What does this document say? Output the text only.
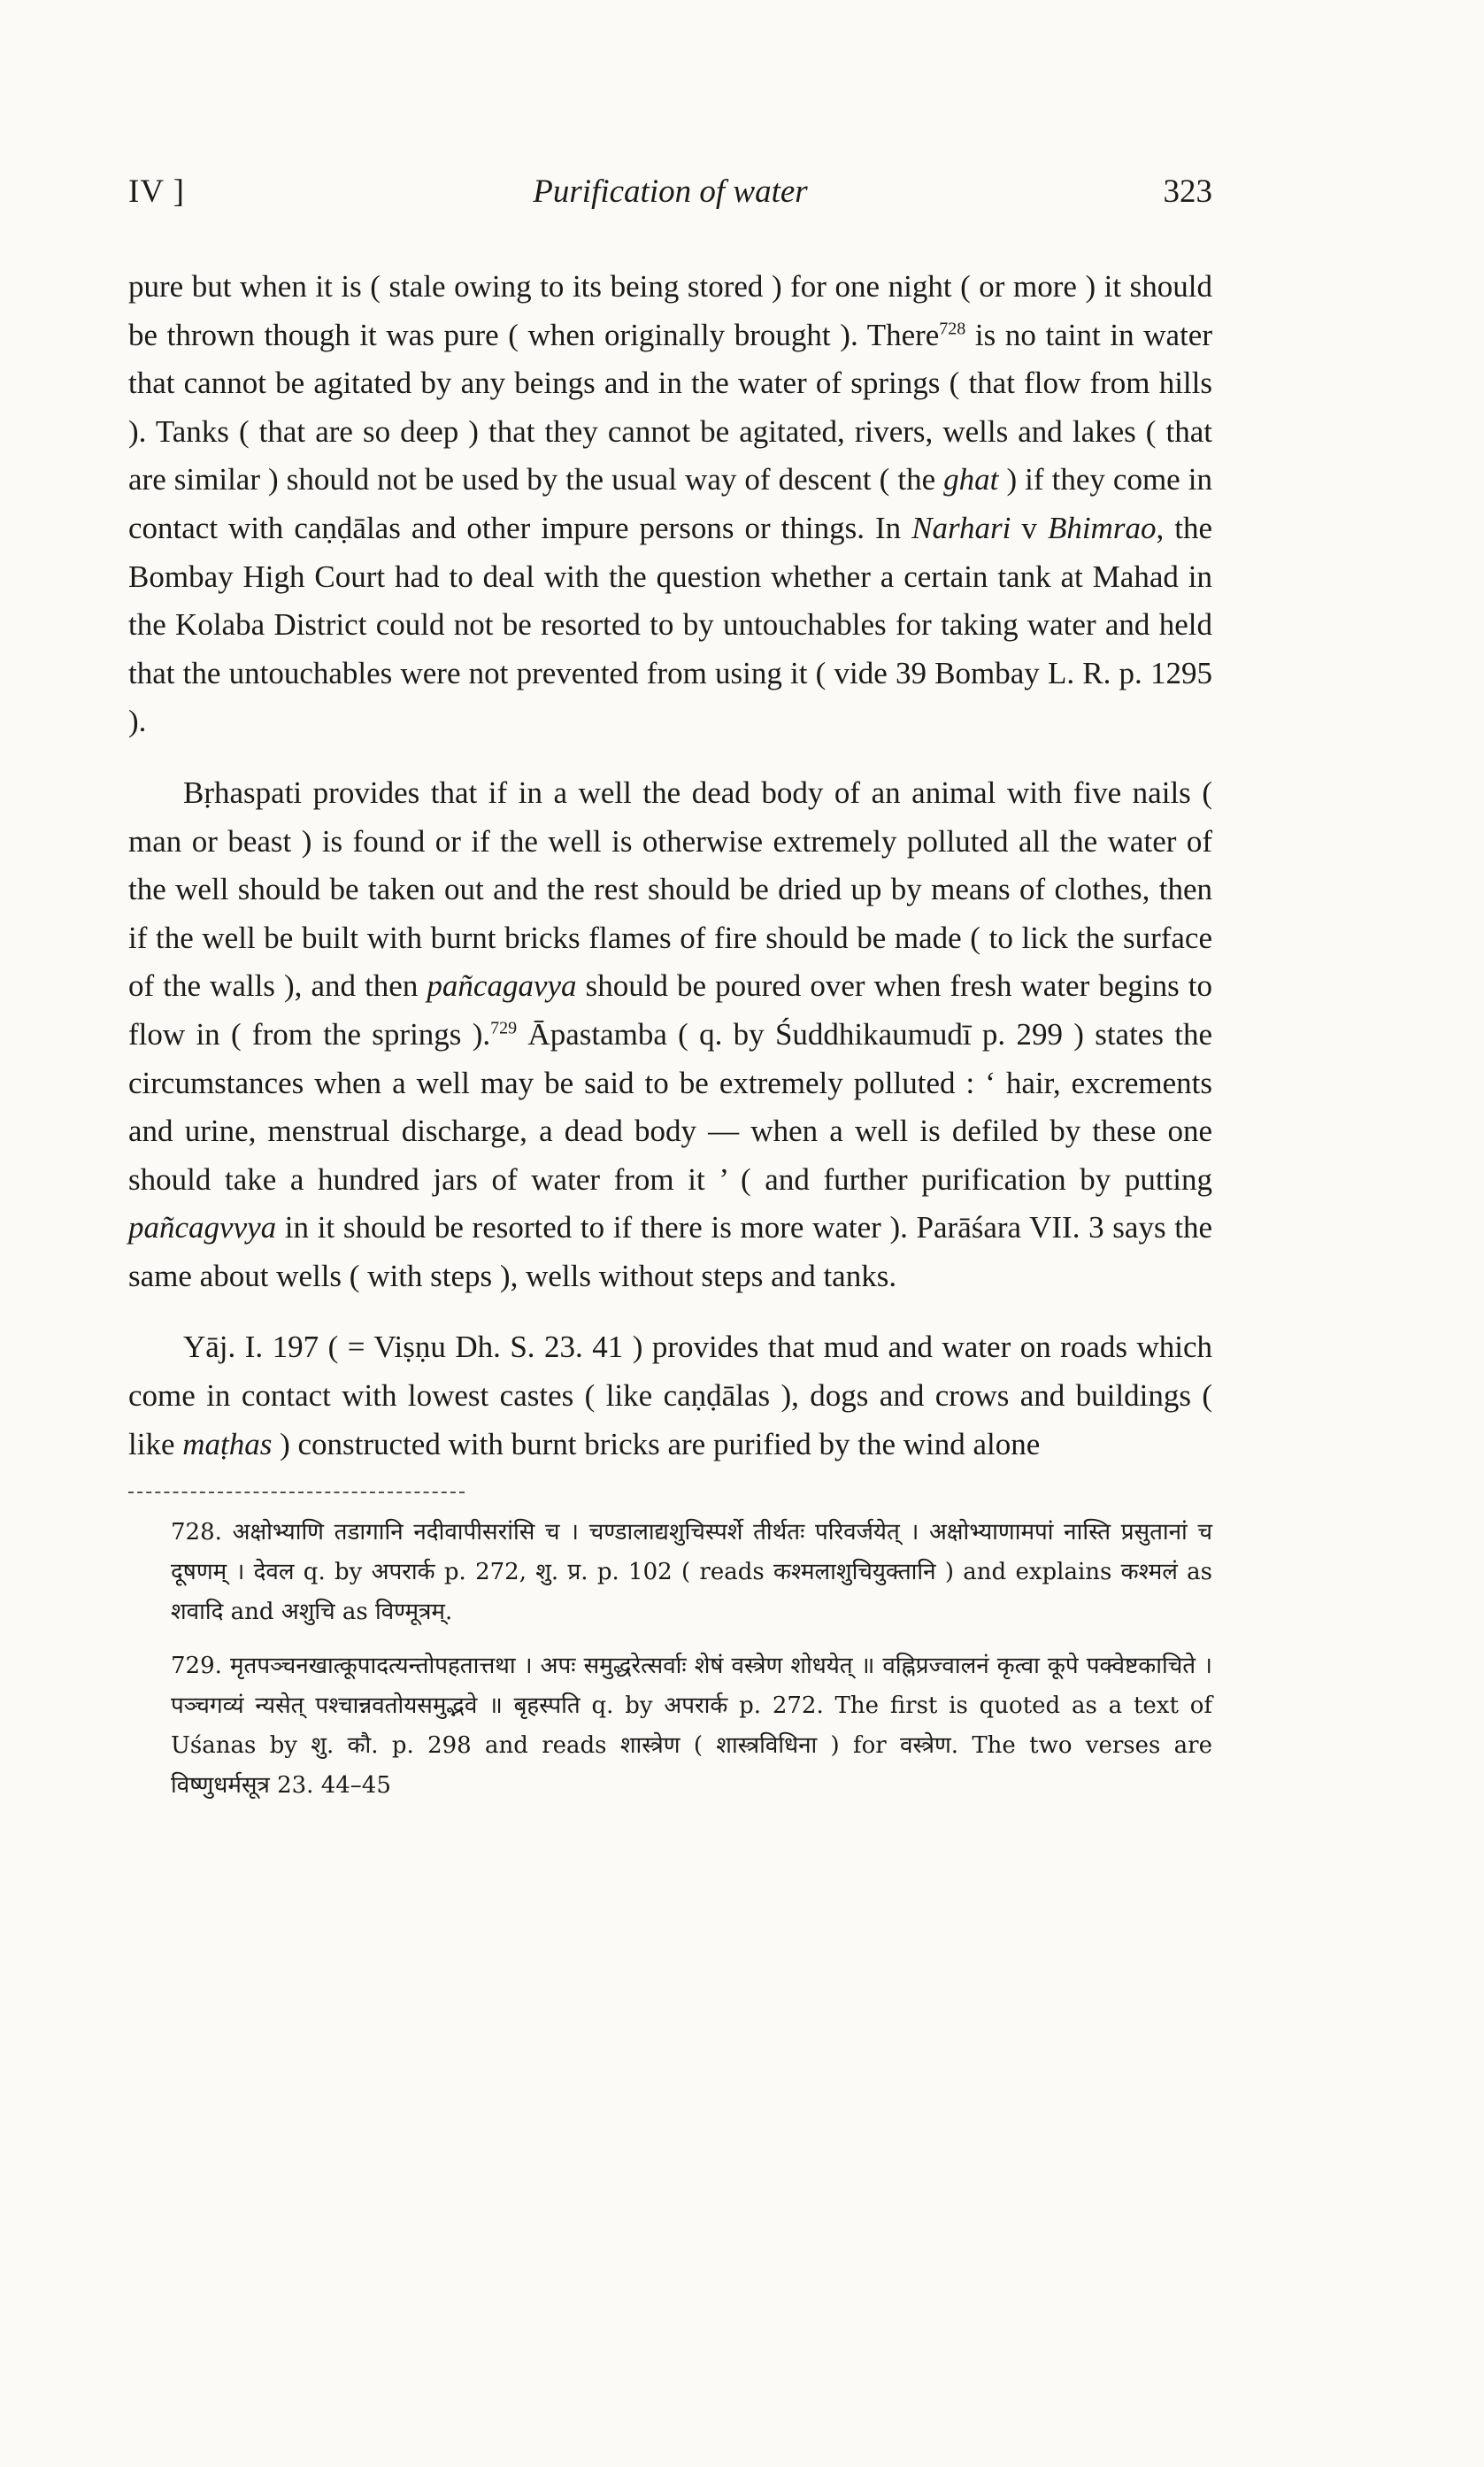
IV ]	Purification of water	323

pure but when it is ( stale owing to its being stored ) for one night ( or more ) it should be thrown though it was pure ( when originally brought ). There$^{728}$ is no taint in water that cannot be agitated by any beings and in the water of springs ( that flow from hills ). Tanks ( that are so deep ) that they cannot be agitated, rivers, wells and lakes ( that are similar ) should not be used by the usual way of descent ( the ghat ) if they come in contact with caṇḍālas and other impure persons or things. In Narhari v Bhimrao, the Bombay High Court had to deal with the question whether a certain tank at Mahad in the Kolaba District could not be resorted to by untouchables for taking water and held that the untouchables were not prevented from using it ( vide 39 Bombay L. R. p. 1295 ).

Bṛhaspati provides that if in a well the dead body of an animal with five nails ( man or beast ) is found or if the well is otherwise extremely polluted all the water of the well should be taken out and the rest should be dried up by means of clothes, then if the well be built with burnt bricks flames of fire should be made ( to lick the surface of the walls ), and then pañcagavya should be poured over when fresh water begins to flow in ( from the springs ).$^{729}$ Āpastamba ( q. by Śuddhikaumudī p. 299 ) states the circumstances when a well may be said to be extremely polluted : ‘ hair, excrements and urine, menstrual discharge, a dead body — when a well is defiled by these one should take a hundred jars of water from it ’ ( and further purification by putting pañcagvvya in it should be resorted to if there is more water ). Parāśara VII. 3 says the same about wells ( with steps ), wells without steps and tanks.

Yāj. I. 197 ( = Viṣṇu Dh. S. 23. 41 ) provides that mud and water on roads which come in contact with lowest castes ( like caṇḍālas ), dogs and crows and buildings ( like maṭhas ) constructed with burnt bricks are purified by the wind alone

728. अक्षोभ्याणि तडागानि नदीवापीसरांसि च । चण्डालाद्यशुचिस्पर्शे तीर्थतः परिवर्जयेत् । अक्षोभ्याणामपां नास्ति प्रसुतानां च दूषणम् । देवल q. by अपरार्क p. 272, शु. प्र. p. 102 ( reads कश्मलाशुचियुक्तानि ) and explains कश्मलं as शवादि and अशुचि as विण्मूत्रम्.

729. मृतपञ्चनखात्कूपादत्यन्तोपहतात्तथा । अपः समुद्धरेत्सर्वाः शेषं वस्त्रेण शोधयेत् ॥ वह्निप्रज्वालनं कृत्वा कूपे पक्वेष्टकाचिते । पञ्चगव्यं न्यसेत् पश्चान्नवतोयसमुद्भवे ॥ बृहस्पति q. by अपरार्क p. 272. The first is quoted as a text of Uśanas by शु. कौ. p. 298 and reads शास्त्रेण ( शास्त्रविधिना ) for वस्त्रेण. The two verses are विष्णुधर्मसूत्र 23. 44–45
